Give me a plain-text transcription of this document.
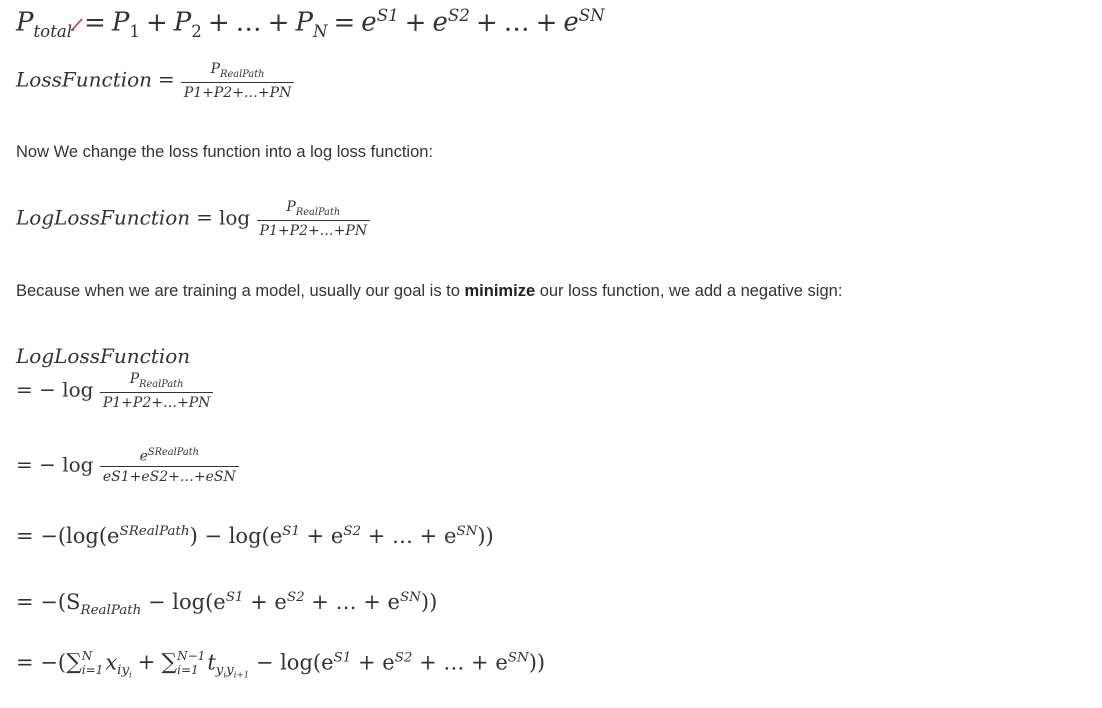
$P_{total} = P_1 + P_2$ + … + $P_N = e^{S1} + e^{S2}$ + … + $e^{SN}$
LossFunction = $\frac{P_{RealPath}}{P1+P2+\dots+PN}$
Now We change the loss function into a log loss function:
LogLossFunction = $\log \frac{P_{RealPath}}{P1+P2+\dots+PN}$
Because when we are training a model, usually our goal is to minimize our loss function, we add a negative sign:
LogLossFunction
= − $\log \frac{P_{RealPath}}{P1+P2+\dots+PN}$
= − $\log \frac{e^{SRealPath}}{\text{eS1+eS2+…+eSN}}$
= $-(\log(e^{SRealPath}) - \log(e^{S1} + e^{S2}$ + … + $e^{SN}$))
= $-(S_{RealPath} - \log(e^{S1} + e^{S2}$ + … + $e^{SN}$))
= −(∑ N
i=1 $x_{iy_i}+$ ∑ N−1
i=1 $t_{y_iy_{i+1}} - \log(e^{S1} + e^{S2}$ + … + $e^{SN}$))
